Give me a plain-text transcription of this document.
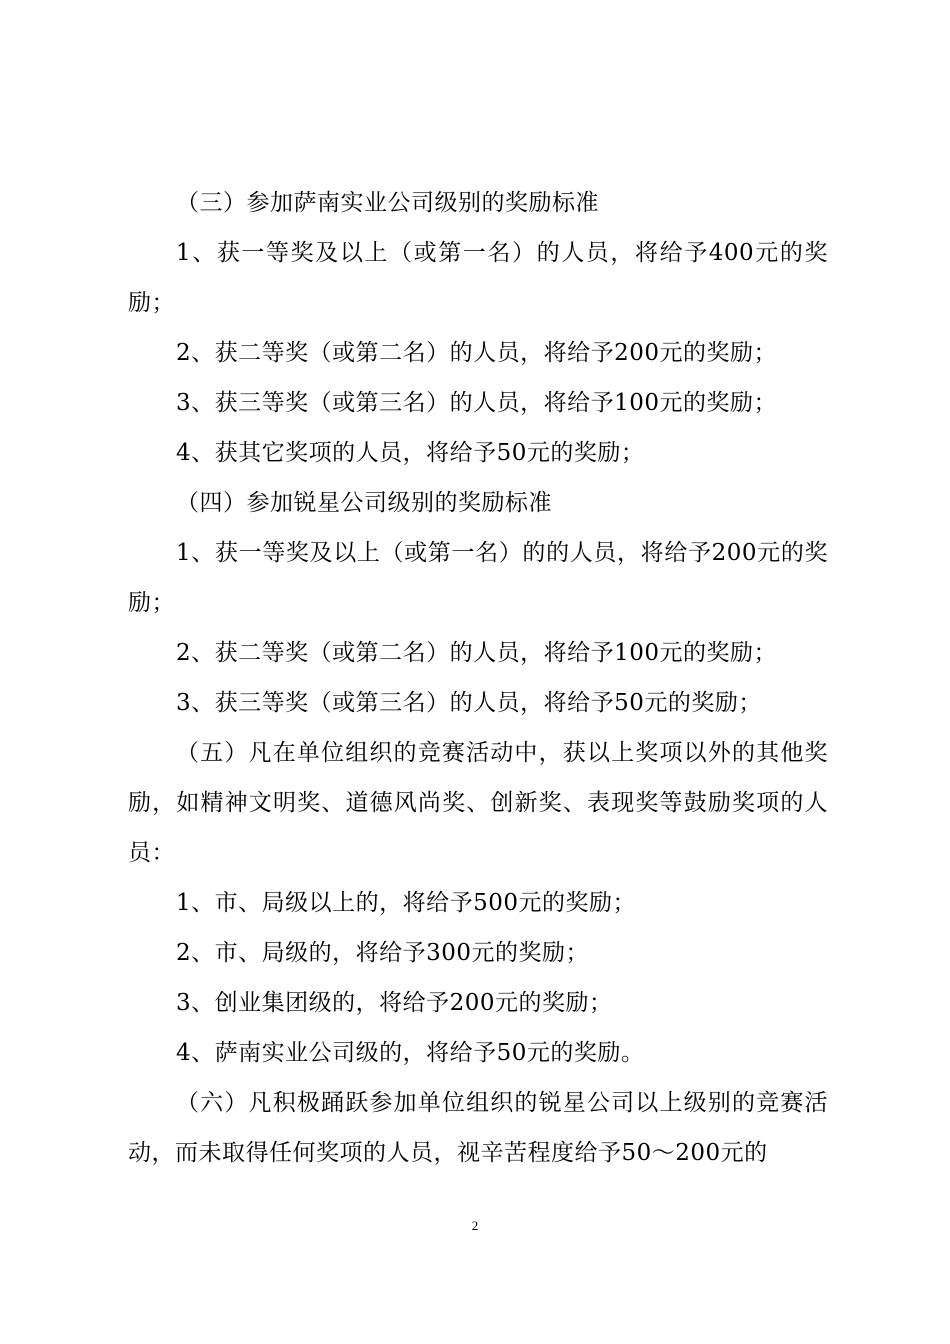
（三）参加萨南实业公司级别的奖励标准

1、获一等奖及以上（或第一名）的人员，将给予400元的奖励；

2、获二等奖（或第二名）的人员，将给予200元的奖励；

3、获三等奖（或第三名）的人员，将给予100元的奖励；

4、获其它奖项的人员，将给予50元的奖励；

（四）参加锐星公司级别的奖励标准

1、获一等奖及以上（或第一名）的的人员，将给予200元的奖励；

2、获二等奖（或第二名）的人员，将给予100元的奖励；

3、获三等奖（或第三名）的人员，将给予50元的奖励；

（五）凡在单位组织的竞赛活动中，获以上奖项以外的其他奖励，如精神文明奖、道德风尚奖、创新奖、表现奖等鼓励奖项的人员：

1、市、局级以上的，将给予500元的奖励；

2、市、局级的，将给予300元的奖励；

3、创业集团级的，将给予200元的奖励；

4、萨南实业公司级的，将给予50元的奖励。

（六）凡积极踊跃参加单位组织的锐星公司以上级别的竞赛活动，而未取得任何奖项的人员，视辛苦程度给予50～200元的

2
